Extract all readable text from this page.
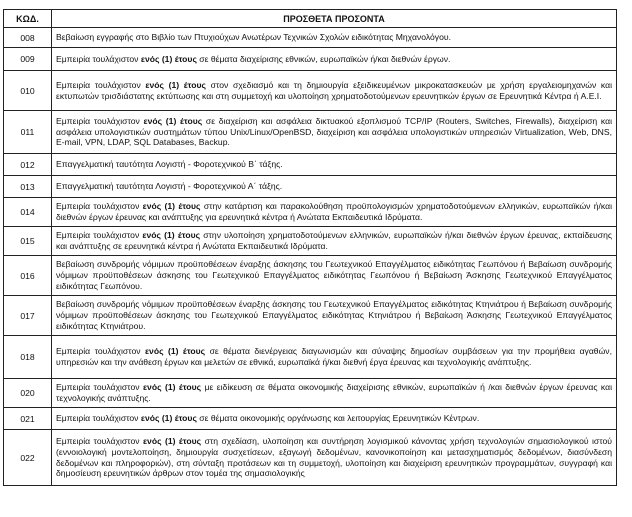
ΚΩΔ.	ΠΡΟΣΘΕΤΑ ΠΡΟΣΟΝΤΑ
008	Βεβαίωση εγγραφής στο Βιβλίο των Πτυχιούχων Ανωτέρων Τεχνικών Σχολών ειδικότητας Μηχανολόγου.
009	Εμπειρία τουλάχιστον ενός (1) έτους σε θέματα διαχείρισης εθνικών, ευρωπαϊκών ή/και διεθνών έργων.
010	Εμπειρία τουλάχιστον ενός (1) έτους στον σχεδιασμό και τη δημιουργία εξειδικευμένων μικροκατασκευών με χρήση εργαλειομηχανών και εκτυπωτών τρισδιάστατης εκτύπωσης και στη συμμετοχή και υλοποίηση χρηματοδοτούμενων ερευνητικών έργων σε Ερευνητικά Κέντρα ή Α.Ε.Ι.
011	Εμπειρία τουλάχιστον ενός (1) έτους σε διαχείριση και ασφάλεια δικτυακού εξοπλισμού TCP/IP (Routers, Switches, Firewalls), διαχείριση και ασφάλεια υπολογιστικών συστημάτων τύπου Unix/Linux/OpenBSD, διαχείριση και ασφάλεια υπολογιστικών υπηρεσιών Virtualization, Web, DNS, E-mail, VPN, LDAP, SQL Databases, Backup.
012	Επαγγελματική ταυτότητα Λογιστή - Φοροτεχνικού Β΄ τάξης.
013	Επαγγελματική ταυτότητα Λογιστή - Φοροτεχνικού Α΄ τάξης.
014	Εμπειρία τουλάχιστον ενός (1) έτους στην κατάρτιση και παρακολούθηση προϋπολογισμών χρηματοδοτούμενων ελληνικών, ευρωπαϊκών ή/και διεθνών έργων έρευνας και ανάπτυξης για ερευνητικά κέντρα ή Ανώτατα Εκπαιδευτικά Ιδρύματα.
015	Εμπειρία τουλάχιστον ενός (1) έτους στην υλοποίηση χρηματοδοτούμενων ελληνικών, ευρωπαϊκών ή/και διεθνών έργων έρευνας, εκπαίδευσης και ανάπτυξης σε ερευνητικά κέντρα ή Ανώτατα Εκπαιδευτικά Ιδρύματα.
016	Βεβαίωση συνδρομής νόμιμων προϋποθέσεων έναρξης άσκησης του Γεωτεχνικού Επαγγέλματος ειδικότητας Γεωπόνου ή Βεβαίωση συνδρομής νόμιμων προϋποθέσεων άσκησης του Γεωτεχνικού Επαγγέλματος ειδικότητας Γεωπόνου ή Βεβαίωση Άσκησης Γεωτεχνικού Επαγγέλματος ειδικότητας Γεωπόνου.
017	Βεβαίωση συνδρομής νόμιμων προϋποθέσεων έναρξης άσκησης του Γεωτεχνικού Επαγγέλματος ειδικότητας Κτηνιάτρου ή Βεβαίωση συνδρομής νόμιμων προϋποθέσεων άσκησης του Γεωτεχνικού Επαγγέλματος ειδικότητας Κτηνιάτρου ή Βεβαίωση Άσκησης Γεωτεχνικού Επαγγέλματος ειδικότητας Κτηνιάτρου.
018	Εμπειρία τουλάχιστον ενός (1) έτους σε θέματα διενέργειας διαγωνισμών και σύναψης δημοσίων συμβάσεων για την προμήθεια αγαθών, υπηρεσιών και την ανάθεση έργων και μελετών σε εθνικά, ευρωπαϊκά ή/και διεθνή έργα έρευνας και τεχνολογικής ανάπτυξης.
020	Εμπειρία τουλάχιστον ενός (1) έτους με ειδίκευση σε θέματα οικονομικής διαχείρισης εθνικών, ευρωπαϊκών ή /και διεθνών έργων έρευνας και τεχνολογικής ανάπτυξης.
021	Εμπειρία τουλάχιστον ενός (1) έτους σε θέματα οικονομικής οργάνωσης και λειτουργίας Ερευνητικών Κέντρων.
022	Εμπειρία τουλάχιστον ενός (1) έτους στη σχεδίαση, υλοποίηση και συντήρηση λογισμικού κάνοντας χρήση τεχνολογιών σημασιολογικού ιστού (εννοιολογική μοντελοποίηση, δημιουργία συσχετίσεων, εξαγωγή δεδομένων, κανονικοποίηση και μετασχηματισμός δεδομένων, διασύνδεση δεδομένων και πληροφοριών), στη σύνταξη προτάσεων και τη συμμετοχή, υλοποίηση και διαχείριση ερευνητικών προγραμμάτων, συγγραφή και δημοσίευση ερευνητικών άρθρων στον τομέα της σημασιολογικής
